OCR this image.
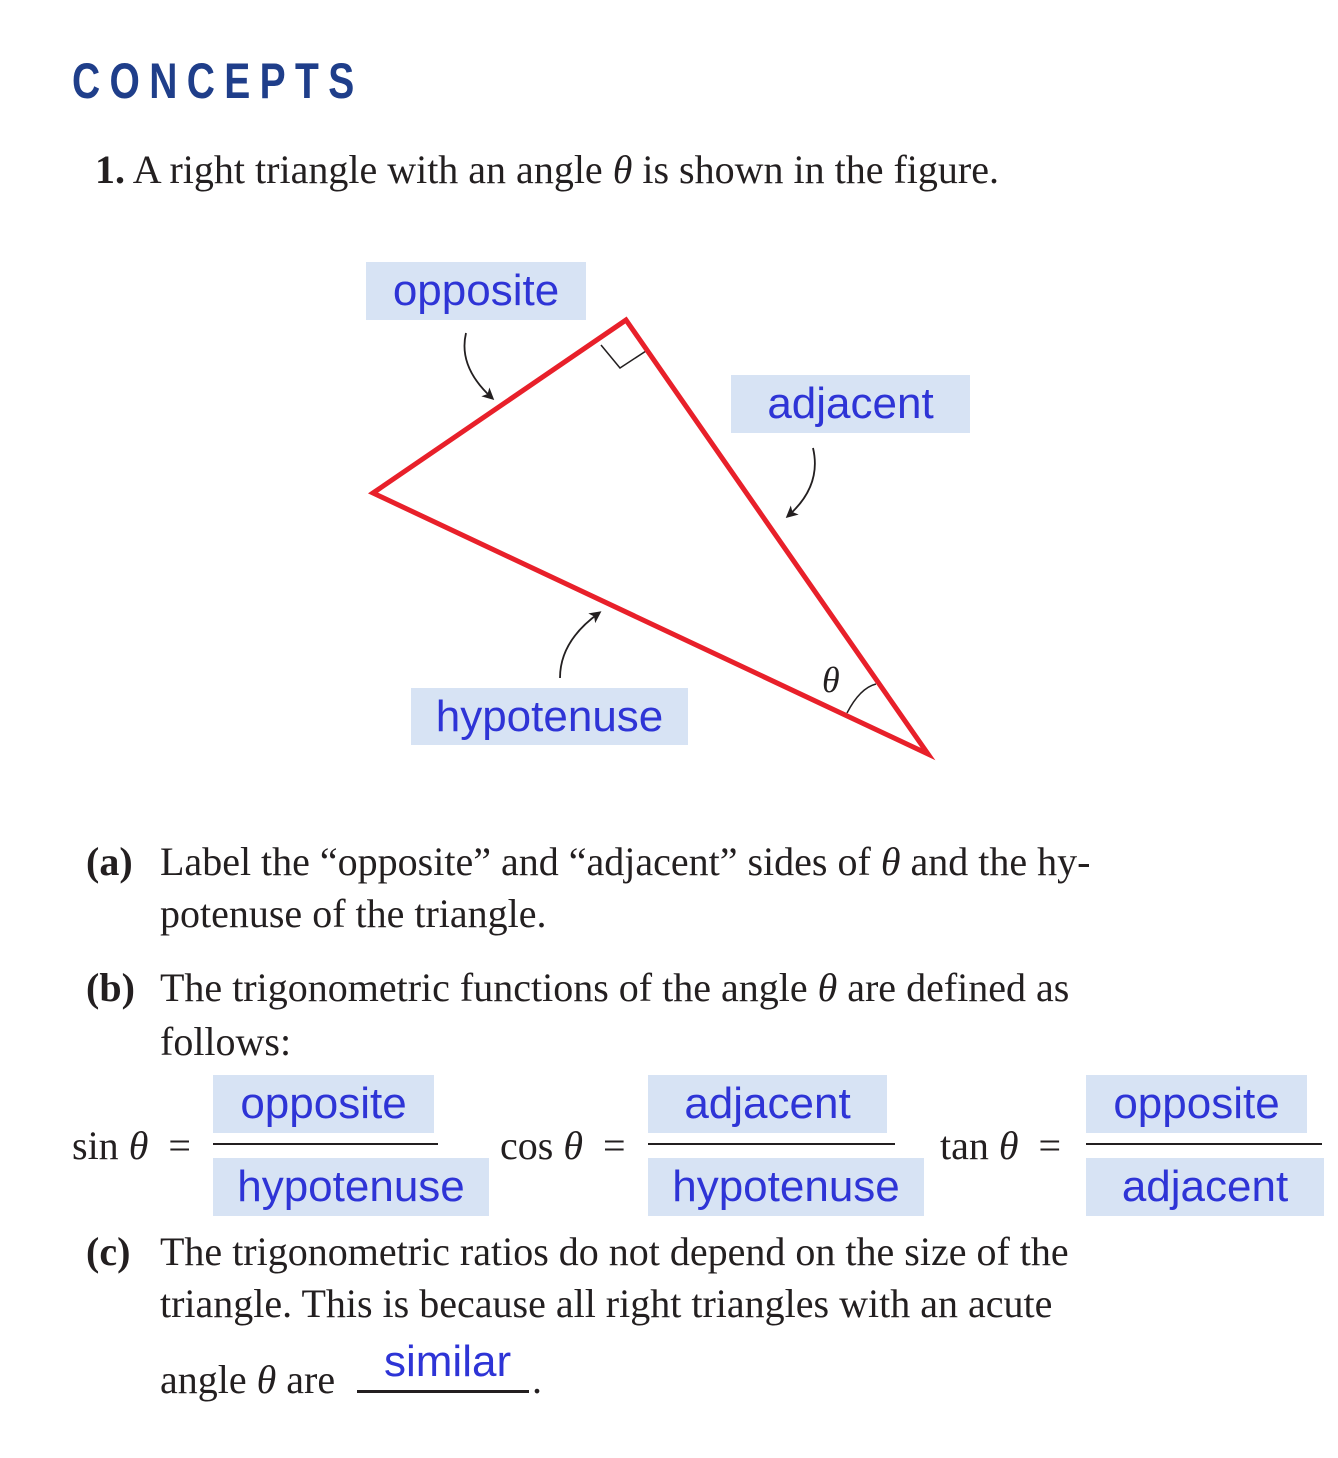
CONCEPTS
1. A right triangle with an angle θ is shown in the figure.
θ
opposite
adjacent
hypotenuse
(a) Label the “opposite” and “adjacent” sides of θ and the hy-
potenuse of the triangle.
(b) The trigonometric functions of the angle θ are defined as
follows:
sin θ =
opposite
hypotenuse
cos θ =
adjacent
hypotenuse
tan θ =
opposite
adjacent
(c) The trigonometric ratios do not depend on the size of the
triangle. This is because all right triangles with an acute
angle θ are similar .
